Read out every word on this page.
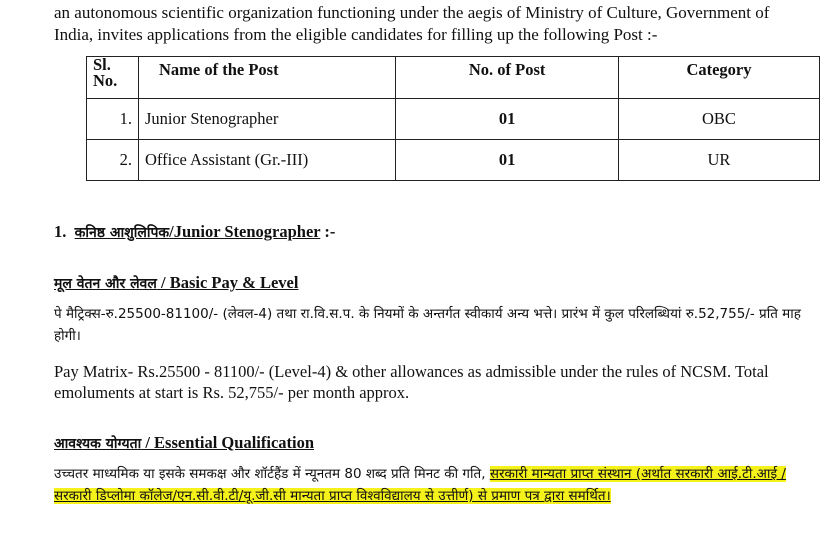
an autonomous scientific organization functioning under the aegis of Ministry of Culture, Government of India, invites applications from the eligible candidates for filling up the following Post :-

Sl. No.	Name of the Post	No. of Post	Category
1.	Junior Stenographer	01	OBC
2.	Office Assistant (Gr.-III)	01	UR

1. कनिष्ठ आशुलिपिक/Junior Stenographer :-

मूल वेतन और लेवल / Basic Pay & Level

पे मैट्रिक्स-रु.25500-81100/- (लेवल-4) तथा रा.वि.स.प. के नियमों के अन्तर्गत स्वीकार्य अन्य भत्ते। प्रारंभ में कुल परिलब्धियां रु.52,755/- प्रति माह होगी।

Pay Matrix- Rs.25500 - 81100/- (Level-4) & other allowances as admissible under the rules of NCSM. Total emoluments at start is Rs. 52,755/- per month approx.

आवश्यक योग्यता / Essential Qualification

उच्चतर माध्यमिक या इसके समकक्ष और शॉर्टहैंड में न्यूनतम 80 शब्द प्रति मिनट की गति, सरकारी मान्यता प्राप्त संस्थान (अर्थात सरकारी आई.टी.आई / सरकारी डिप्लोमा कॉलेज/एन.सी.वी.टी/यू.जी.सी मान्यता प्राप्त विश्वविद्यालय से उत्तीर्ण) से प्रमाण पत्र द्वारा समर्थित।
